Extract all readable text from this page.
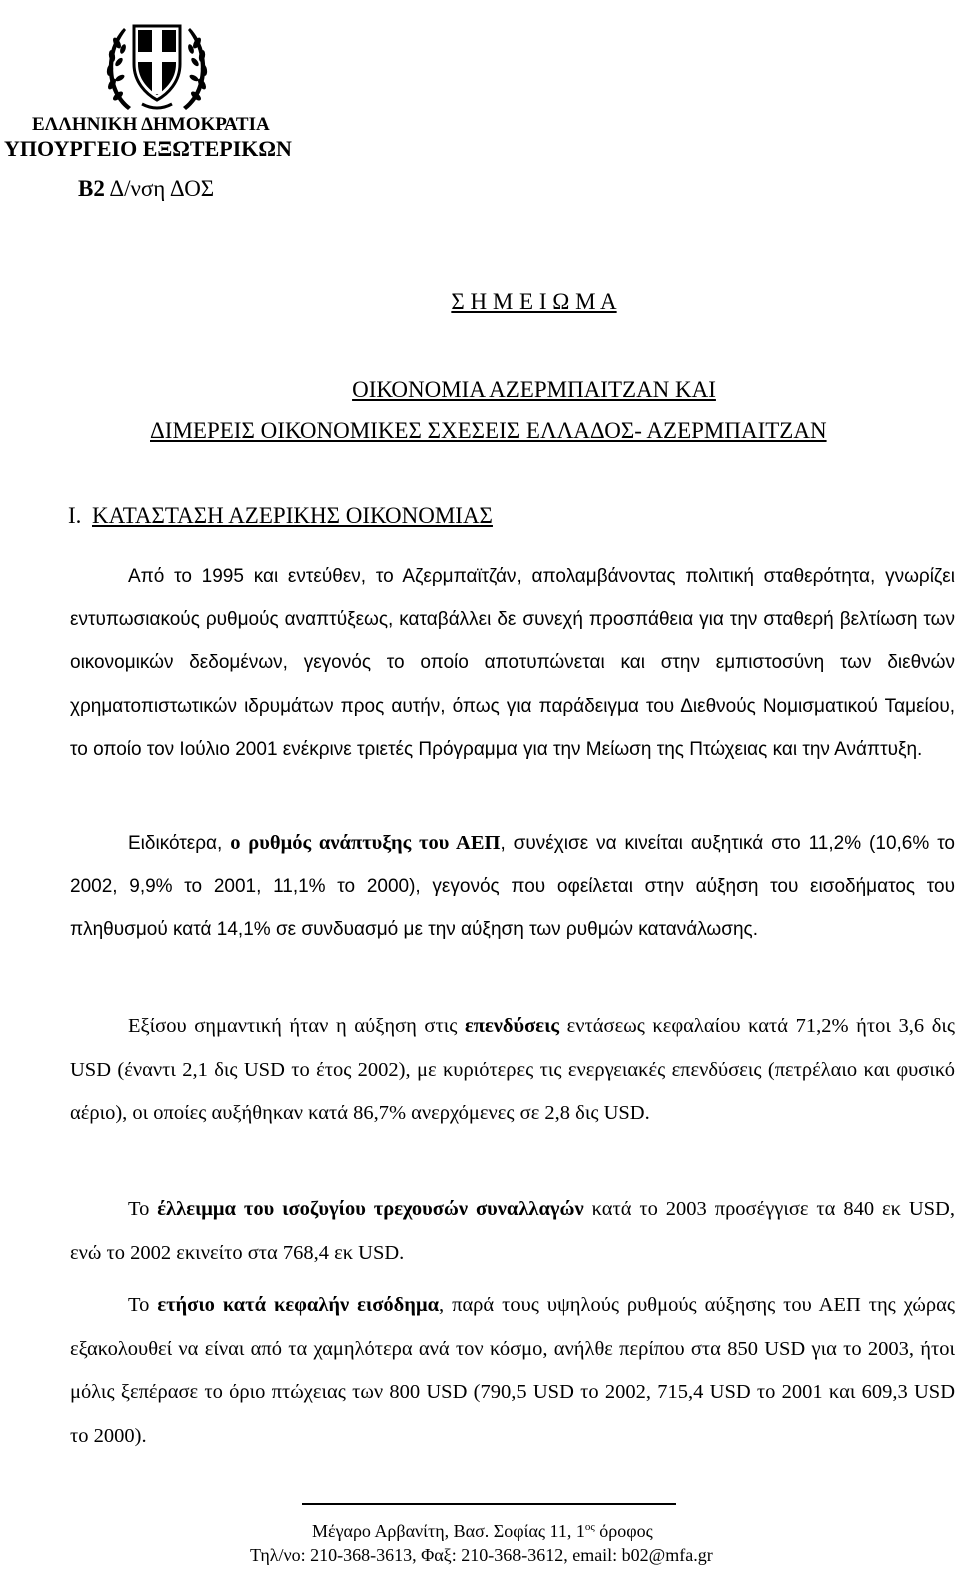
ΕΛΛΗΝΙΚΗ ΔΗΜΟΚΡΑΤΙΑ
ΥΠΟΥΡΓΕΙΟ ΕΞΩΤΕΡΙΚΩΝ
Β2 Δ/νση ΔΟΣ
Σ Η Μ Ε Ι Ω Μ Α
ΟΙΚΟΝΟΜΙΑ ΑΖΕΡΜΠΑΙΤΖΑΝ ΚΑΙ
ΔΙΜΕΡΕΙΣ ΟΙΚΟΝΟΜΙΚΕΣ ΣΧΕΣΕΙΣ ΕΛΛΑΔΟΣ- ΑΖΕΡΜΠΑΙΤΖΑΝ
Ι. ΚΑΤΑΣΤΑΣΗ ΑΖΕΡΙΚΗΣ ΟΙΚΟΝΟΜΙΑΣ

Από το 1995 και εντεύθεν, το Αζερμπαϊτζάν, απολαμβάνοντας πολιτική σταθερότητα, γνωρίζει εντυπωσιακούς ρυθμούς αναπτύξεως, καταβάλλει δε συνεχή προσπάθεια για την σταθερή βελτίωση των οικονομικών δεδομένων, γεγονός το οποίο αποτυπώνεται και στην εμπιστοσύνη των διεθνών χρηματοπιστωτικών ιδρυμάτων προς αυτήν, όπως για παράδειγμα του Διεθνούς Νομισματικού Ταμείου, το οποίο τον Ιούλιο 2001 ενέκρινε τριετές Πρόγραμμα για την Μείωση της Πτώχειας και την Ανάπτυξη.

Ειδικότερα, ο ρυθμός ανάπτυξης του ΑΕΠ, συνέχισε να κινείται αυξητικά στο 11,2% (10,6% το 2002, 9,9% το 2001, 11,1% το 2000), γεγονός που οφείλεται στην αύξηση του εισοδήματος του πληθυσμού κατά 14,1% σε συνδυασμό με την αύξηση των ρυθμών κατανάλωσης.

Εξίσου σημαντική ήταν η αύξηση στις επενδύσεις εντάσεως κεφαλαίου κατά 71,2% ήτοι 3,6 δις USD (έναντι 2,1 δις USD το έτος 2002), με κυριότερες τις ενεργειακές επενδύσεις (πετρέλαιο και φυσικό αέριο), οι οποίες αυξήθηκαν κατά 86,7% ανερχόμενες σε 2,8 δις USD.

Το έλλειμμα του ισοζυγίου τρεχουσών συναλλαγών κατά το 2003 προσέγγισε τα 840 εκ USD, ενώ το 2002 εκινείτο στα 768,4 εκ USD.

Το ετήσιο κατά κεφαλήν εισόδημα, παρά τους υψηλούς ρυθμούς αύξησης του ΑΕΠ της χώρας εξακολουθεί να είναι από τα χαμηλότερα ανά τον κόσμο, ανήλθε περίπου στα 850 USD για το 2003, ήτοι μόλις ξεπέρασε το όριο πτώχειας των 800 USD (790,5 USD το 2002, 715,4 USD το 2001 και 609,3 USD το 2000).

Μέγαρο Αρβανίτη, Βασ. Σοφίας 11, $1^{o\varsigma}$ όροφος
Τηλ/νο: 210-368-3613, Φαξ: 210-368-3612, email: b02@mfa.gr
